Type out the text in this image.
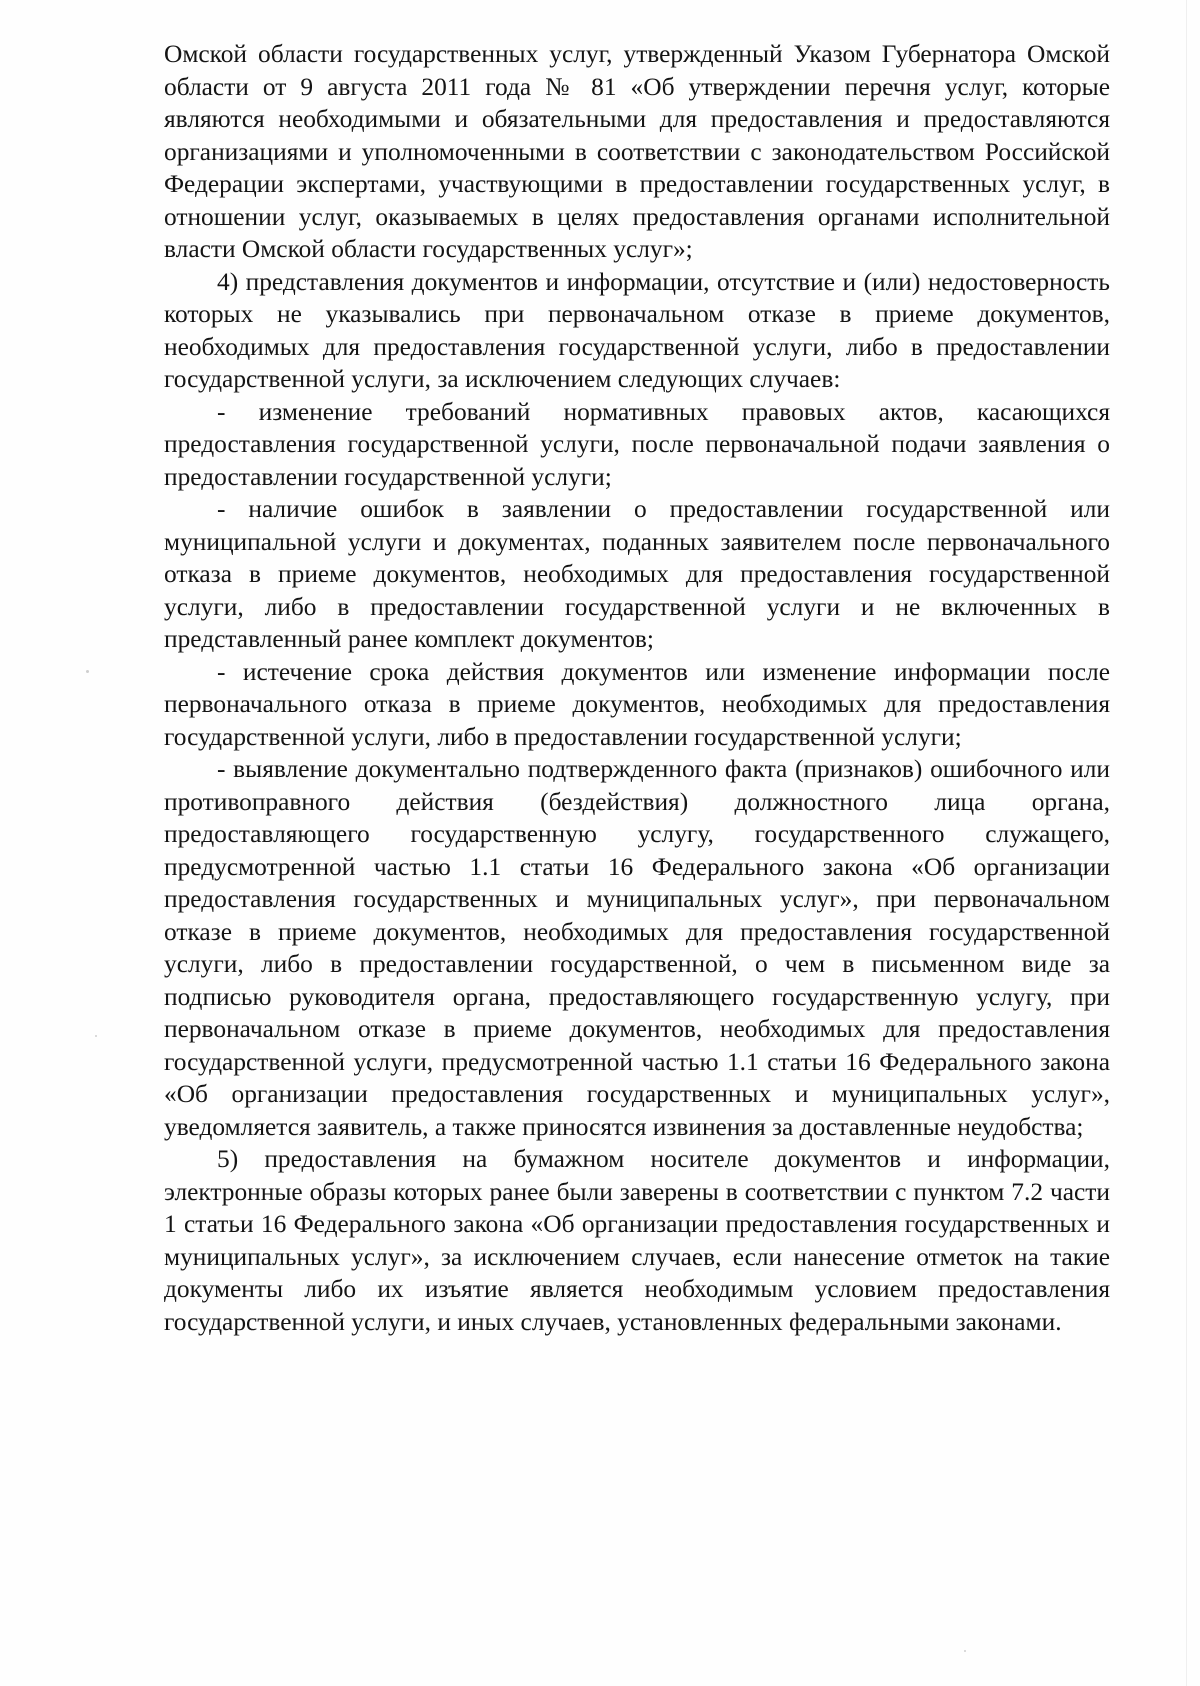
Омской области государственных услуг, утвержденный Указом Губернатора Омской области от 9 августа 2011 года № 81 «Об утверждении перечня услуг, которые являются необходимыми и обязательными для предоставления и предоставляются организациями и уполномоченными в соответствии с законодательством Российской Федерации экспертами, участвующими в предоставлении государственных услуг, в отношении услуг, оказываемых в целях предоставления органами исполнительной власти Омской области государственных услуг»;

4) представления документов и информации, отсутствие и (или) недостоверность которых не указывались при первоначальном отказе в приеме документов, необходимых для предоставления государственной услуги, либо в предоставлении государственной услуги, за исключением следующих случаев:

- изменение требований нормативных правовых актов, касающихся предоставления государственной услуги, после первоначальной подачи заявления о предоставлении государственной услуги;

- наличие ошибок в заявлении о предоставлении государственной или муниципальной услуги и документах, поданных заявителем после первоначального отказа в приеме документов, необходимых для предоставления государственной услуги, либо в предоставлении государственной услуги и не включенных в представленный ранее комплект документов;

- истечение срока действия документов или изменение информации после первоначального отказа в приеме документов, необходимых для предоставления государственной услуги, либо в предоставлении государственной услуги;

- выявление документально подтвержденного факта (признаков) ошибочного или противоправного действия (бездействия) должностного лица органа, предоставляющего государственную услугу, государственного служащего, предусмотренной частью 1.1 статьи 16 Федерального закона «Об организации предоставления государственных и муниципальных услуг», при первоначальном отказе в приеме документов, необходимых для предоставления государственной услуги, либо в предоставлении государственной, о чем в письменном виде за подписью руководителя органа, предоставляющего государственную услугу, при первоначальном отказе в приеме документов, необходимых для предоставления государственной услуги, предусмотренной частью 1.1 статьи 16 Федерального закона «Об организации предоставления государственных и муниципальных услуг», уведомляется заявитель, а также приносятся извинения за доставленные неудобства;

5) предоставления на бумажном носителе документов и информации, электронные образы которых ранее были заверены в соответствии с пунктом 7.2 части 1 статьи 16 Федерального закона «Об организации предоставления государственных и муниципальных услуг», за исключением случаев, если нанесение отметок на такие документы либо их изъятие является необходимым условием предоставления государственной услуги, и иных случаев, установленных федеральными законами.
